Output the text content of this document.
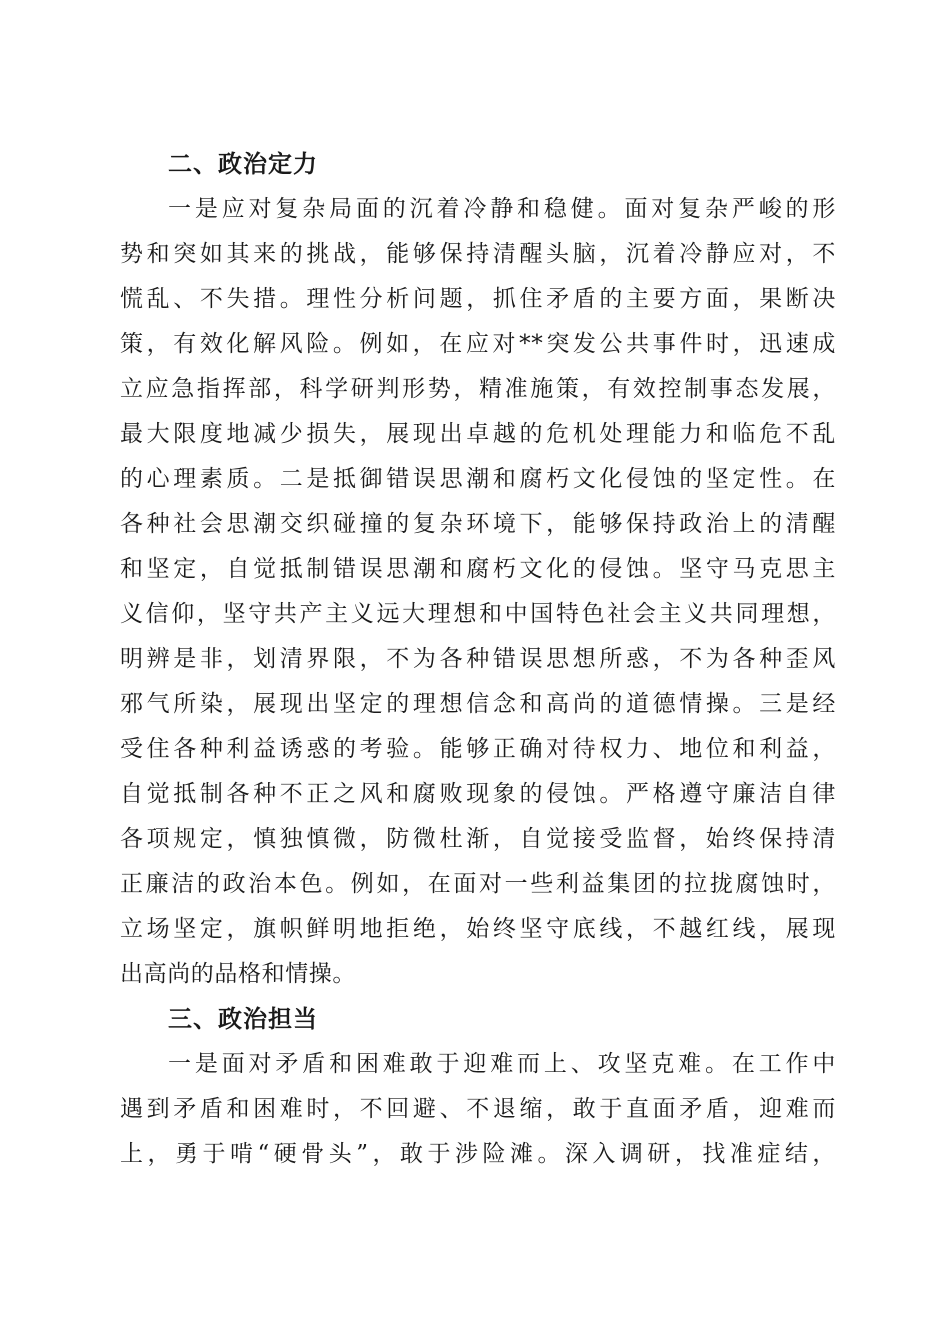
二、政治定力
一是应对复杂局面的沉着冷静和稳健。面对复杂严峻的形
势和突如其来的挑战，能够保持清醒头脑，沉着冷静应对，不
慌乱、不失措。理性分析问题，抓住矛盾的主要方面，果断决
策，有效化解风险。例如，在应对**突发公共事件时，迅速成
立应急指挥部，科学研判形势，精准施策，有效控制事态发展，
最大限度地减少损失，展现出卓越的危机处理能力和临危不乱
的心理素质。二是抵御错误思潮和腐朽文化侵蚀的坚定性。在
各种社会思潮交织碰撞的复杂环境下，能够保持政治上的清醒
和坚定，自觉抵制错误思潮和腐朽文化的侵蚀。坚守马克思主
义信仰，坚守共产主义远大理想和中国特色社会主义共同理想，
明辨是非，划清界限，不为各种错误思想所惑，不为各种歪风
邪气所染，展现出坚定的理想信念和高尚的道德情操。三是经
受住各种利益诱惑的考验。能够正确对待权力、地位和利益，
自觉抵制各种不正之风和腐败现象的侵蚀。严格遵守廉洁自律
各项规定，慎独慎微，防微杜渐，自觉接受监督，始终保持清
正廉洁的政治本色。例如，在面对一些利益集团的拉拢腐蚀时，
立场坚定，旗帜鲜明地拒绝，始终坚守底线，不越红线，展现
出高尚的品格和情操。
三、政治担当
一是面对矛盾和困难敢于迎难而上、攻坚克难。在工作中
遇到矛盾和困难时，不回避、不退缩，敢于直面矛盾，迎难而
上，勇于啃“硬骨头”，敢于涉险滩。深入调研，找准症结，
